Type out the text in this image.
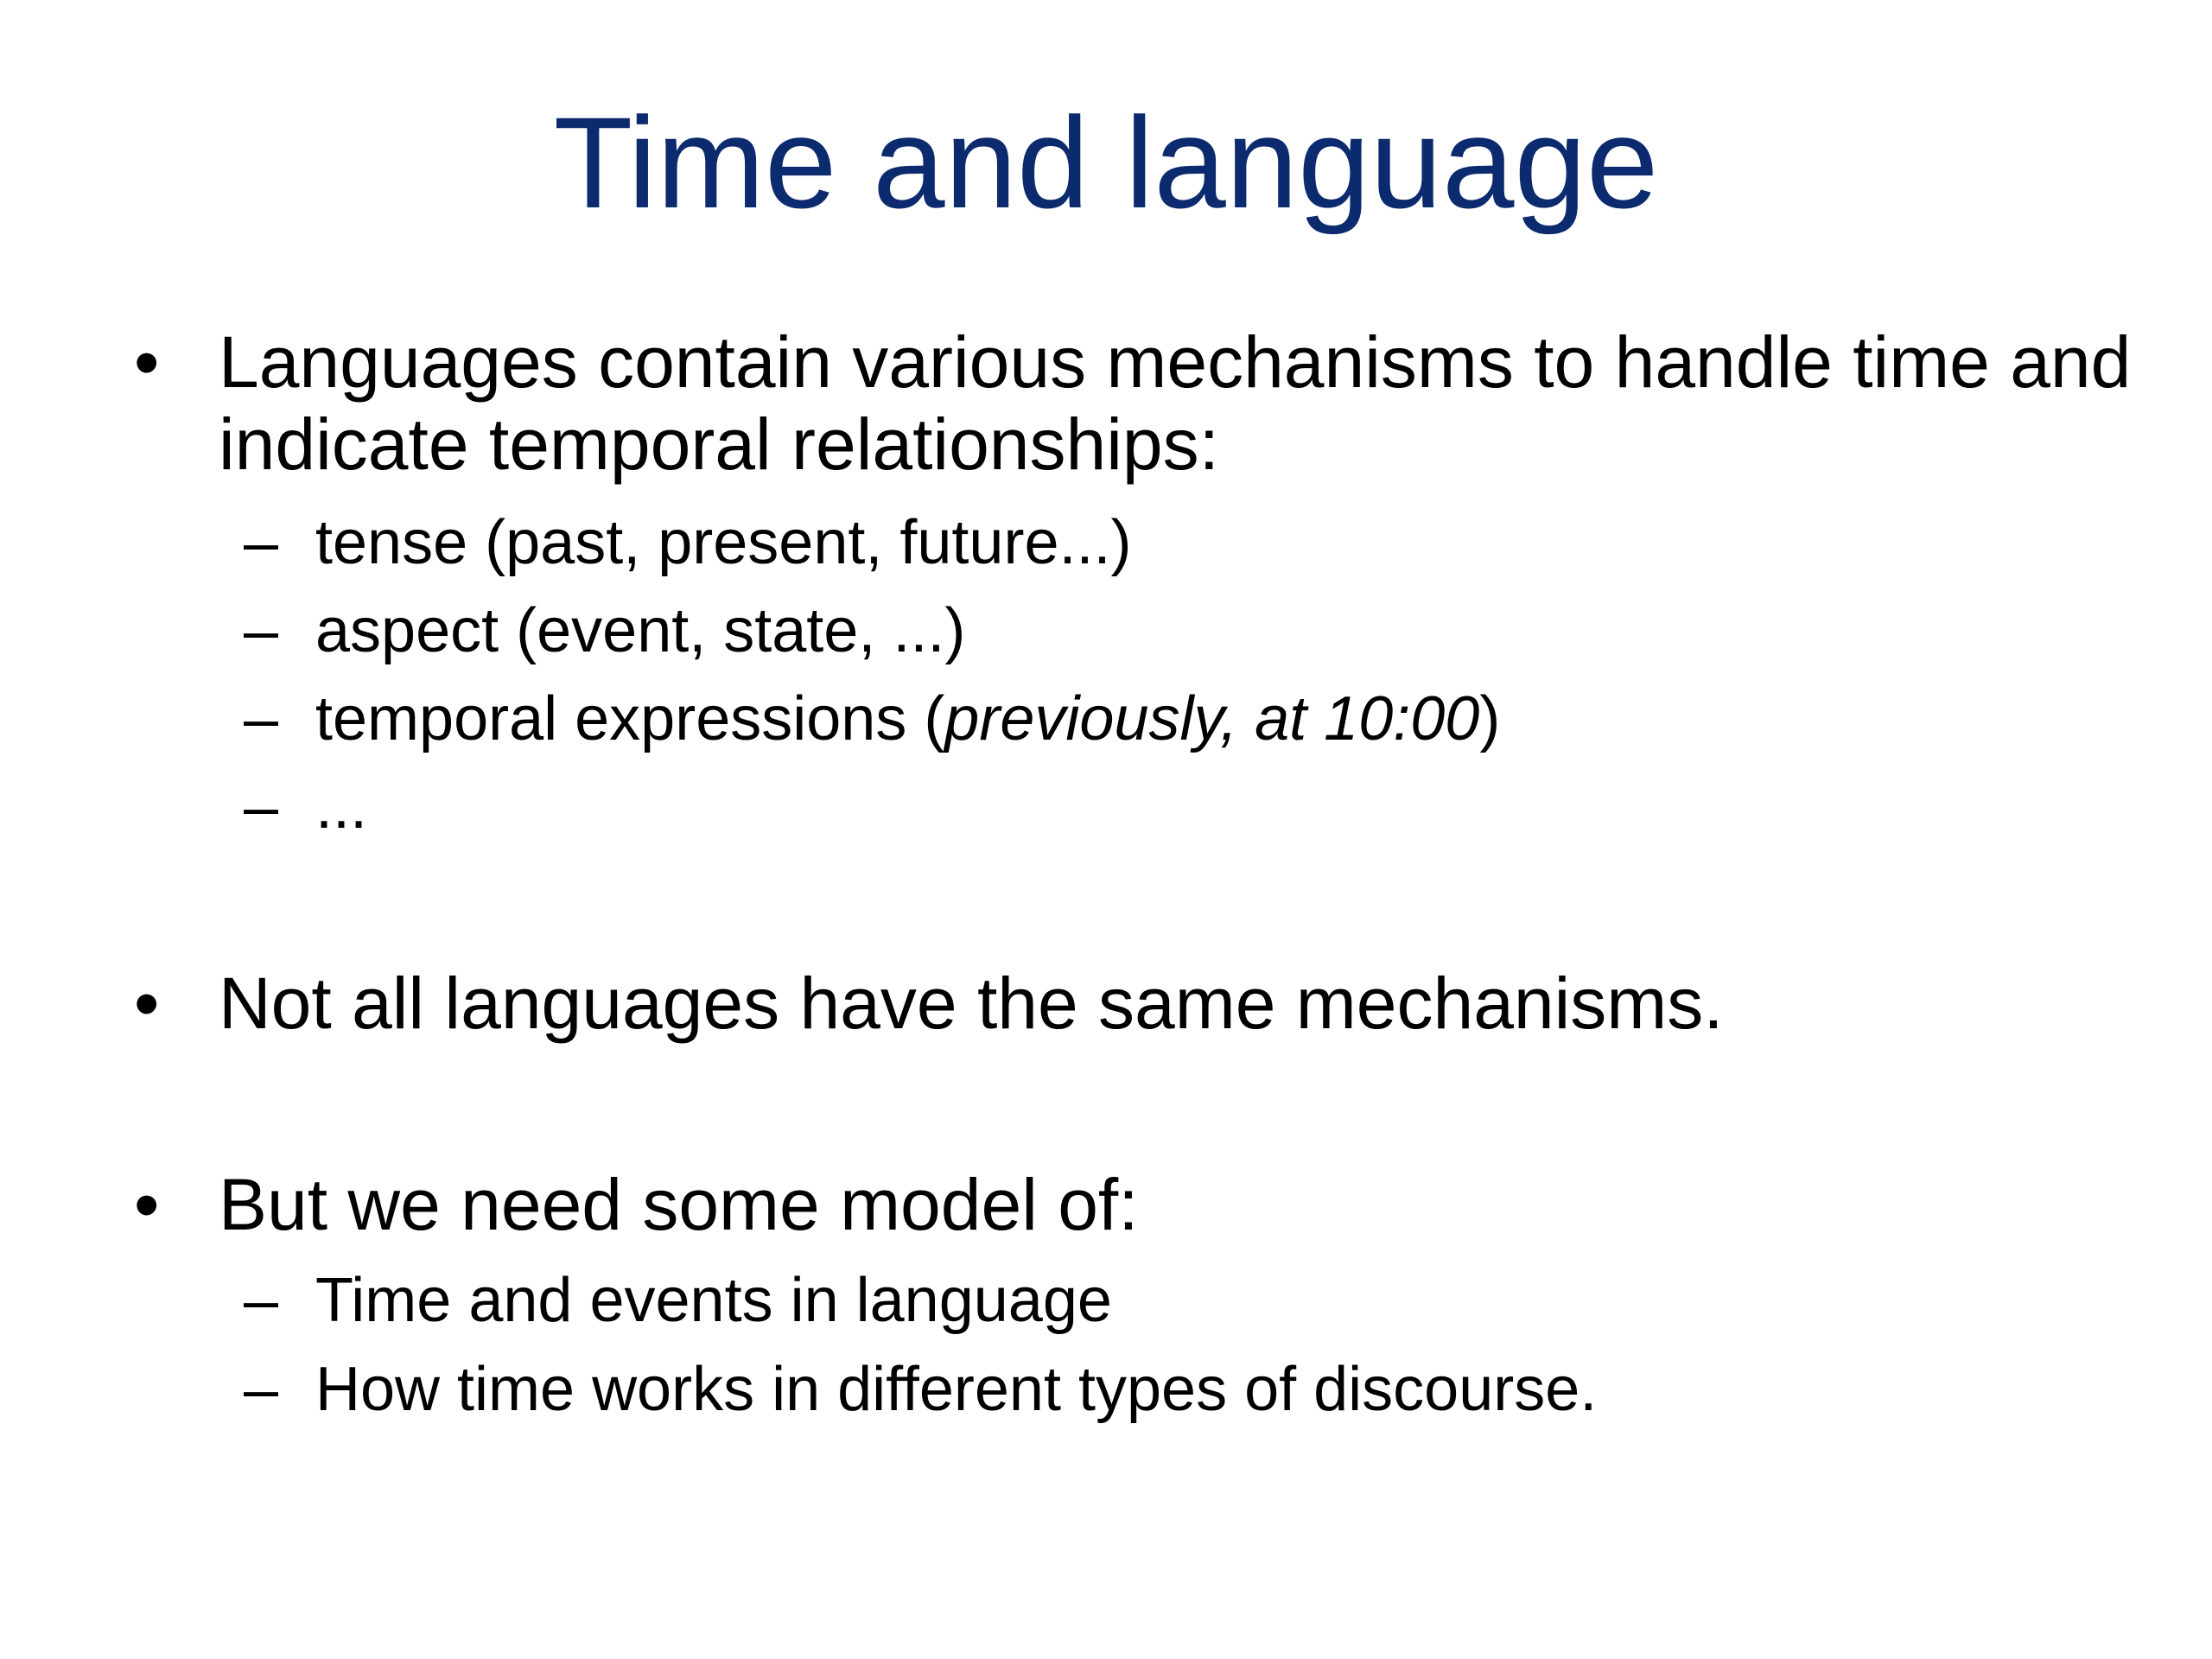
Time and language
• Languages contain various mechanisms to handle time and indicate temporal relationships:
– tense (past, present, future...)
– aspect (event, state, ...)
– temporal expressions (previously, at 10:00)
– ...
• Not all languages have the same mechanisms.
• But we need some model of:
– Time and events in language
– How time works in different types of discourse.
